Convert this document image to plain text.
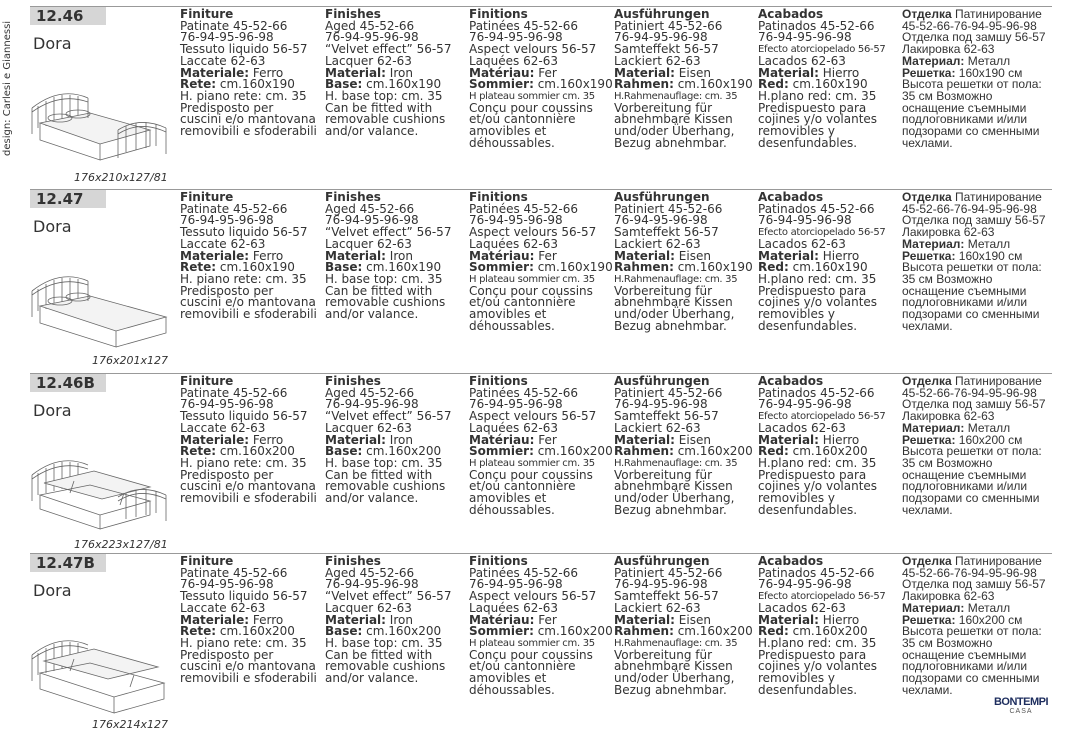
design: Carlesi e Giannessi
12.46
Dora
176x210x127/81
Finiture
Patinate 45-52-66
76-94-95-96-98
Tessuto liquido 56-57
Laccate 62-63
Materiale: Ferro
Rete: cm.160x190
H. piano rete: cm. 35
Predisposto per
cuscini e/o mantovana
removibili e sfoderabili
Finishes
Aged 45-52-66
76-94-95-96-98
“Velvet effect” 56-57
Lacquer 62-63
Material: Iron
Base: cm.160x190
H. base top: cm. 35
Can be fitted with
removable cushions
and/or valance.
Finitions
Patinées 45-52-66
76-94-95-96-98
Aspect velours 56-57
Laquées 62-63
Matériau: Fer
Sommier: cm.160x190
H plateau sommier cm. 35
Conçu pour coussins
et/ou cantonnière
amovibles et
déhoussables.
Ausführungen
Patiniert 45-52-66
76-94-95-96-98
Samteffekt 56-57
Lackiert 62-63
Material: Eisen
Rahmen: cm.160x190
H.Rahmenauflage: cm. 35
Vorbereitung für
abnehmbare Kissen
und/oder Überhang,
Bezug abnehmbar.
Acabados
Patinados 45-52-66
76-94-95-96-98
Efecto atorciopelado 56-57
Lacados 62-63
Material: Hierro
Red: cm.160x190
H.plano red: cm. 35
Predispuesto para
cojines y/o volantes
removibles y
desenfundables.
Отделка Патинирование
45-52-66-76-94-95-96-98
Отделка под замшу 56-57
Лакировка 62-63
Материал: Металл
Решетка: 160x190 см
Высота решетки от пола:
35 см Возможно
оснащение съемными
подлоговниками и/или
подзорами со сменными
чехлами.
12.47
Dora
176x201x127
Finiture
Patinate 45-52-66
76-94-95-96-98
Tessuto liquido 56-57
Laccate 62-63
Materiale: Ferro
Rete: cm.160x190
H. piano rete: cm. 35
Predisposto per
cuscini e/o mantovana
removibili e sfoderabili
Finishes
Aged 45-52-66
76-94-95-96-98
“Velvet effect” 56-57
Lacquer 62-63
Material: Iron
Base: cm.160x190
H. base top: cm. 35
Can be fitted with
removable cushions
and/or valance.
Finitions
Patinées 45-52-66
76-94-95-96-98
Aspect velours 56-57
Laquées 62-63
Matériau: Fer
Sommier: cm.160x190
H plateau sommier cm. 35
Conçu pour coussins
et/ou cantonnière
amovibles et
déhoussables.
Ausführungen
Patiniert 45-52-66
76-94-95-96-98
Samteffekt 56-57
Lackiert 62-63
Material: Eisen
Rahmen: cm.160x190
H.Rahmenauflage: cm. 35
Vorbereitung für
abnehmbare Kissen
und/oder Überhang,
Bezug abnehmbar.
Acabados
Patinados 45-52-66
76-94-95-96-98
Efecto atorciopelado 56-57
Lacados 62-63
Material: Hierro
Red: cm.160x190
H.plano red: cm. 35
Predispuesto para
cojines y/o volantes
removibles y
desenfundables.
Отделка Патинирование
45-52-66-76-94-95-96-98
Отделка под замшу 56-57
Лакировка 62-63
Материал: Металл
Решетка: 160x190 см
Высота решетки от пола:
35 см Возможно
оснащение съемными
подлоговниками и/или
подзорами со сменными
чехлами.
12.46B
Dora
176x223x127/81
Finiture
Patinate 45-52-66
76-94-95-96-98
Tessuto liquido 56-57
Laccate 62-63
Materiale: Ferro
Rete: cm.160x200
H. piano rete: cm. 35
Predisposto per
cuscini e/o mantovana
removibili e sfoderabili
Finishes
Aged 45-52-66
76-94-95-96-98
“Velvet effect” 56-57
Lacquer 62-63
Material: Iron
Base: cm.160x200
H. base top: cm. 35
Can be fitted with
removable cushions
and/or valance.
Finitions
Patinées 45-52-66
76-94-95-96-98
Aspect velours 56-57
Laquées 62-63
Matériau: Fer
Sommier: cm.160x200
H plateau sommier cm. 35
Conçu pour coussins
et/ou cantonnière
amovibles et
déhoussables.
Ausführungen
Patiniert 45-52-66
76-94-95-96-98
Samteffekt 56-57
Lackiert 62-63
Material: Eisen
Rahmen: cm.160x200
H.Rahmenauflage: cm. 35
Vorbereitung für
abnehmbare Kissen
und/oder Überhang,
Bezug abnehmbar.
Acabados
Patinados 45-52-66
76-94-95-96-98
Efecto atorciopelado 56-57
Lacados 62-63
Material: Hierro
Red: cm.160x200
H.plano red: cm. 35
Predispuesto para
cojines y/o volantes
removibles y
desenfundables.
Отделка Патинирование
45-52-66-76-94-95-96-98
Отделка под замшу 56-57
Лакировка 62-63
Материал: Металл
Решетка: 160x200 см
Высота решетки от пола:
35 см Возможно
оснащение съемными
подлоговниками и/или
подзорами со сменными
чехлами.
12.47B
Dora
176x214x127
Finiture
Patinate 45-52-66
76-94-95-96-98
Tessuto liquido 56-57
Laccate 62-63
Materiale: Ferro
Rete: cm.160x200
H. piano rete: cm. 35
Predisposto per
cuscini e/o mantovana
removibili e sfoderabili
Finishes
Aged 45-52-66
76-94-95-96-98
“Velvet effect” 56-57
Lacquer 62-63
Material: Iron
Base: cm.160x200
H. base top: cm. 35
Can be fitted with
removable cushions
and/or valance.
Finitions
Patinées 45-52-66
76-94-95-96-98
Aspect velours 56-57
Laquées 62-63
Matériau: Fer
Sommier: cm.160x200
H plateau sommier cm. 35
Conçu pour coussins
et/ou cantonnière
amovibles et
déhoussables.
Ausführungen
Patiniert 45-52-66
76-94-95-96-98
Samteffekt 56-57
Lackiert 62-63
Material: Eisen
Rahmen: cm.160x200
H.Rahmenauflage: cm. 35
Vorbereitung für
abnehmbare Kissen
und/oder Überhang,
Bezug abnehmbar.
Acabados
Patinados 45-52-66
76-94-95-96-98
Efecto atorciopelado 56-57
Lacados 62-63
Material: Hierro
Red: cm.160x200
H.plano red: cm. 35
Predispuesto para
cojines y/o volantes
removibles y
desenfundables.
Отделка Патинирование
45-52-66-76-94-95-96-98
Отделка под замшу 56-57
Лакировка 62-63
Материал: Металл
Решетка: 160x200 см
Высота решетки от пола:
35 см Возможно
оснащение съемными
подлоговниками и/или
подзорами со сменными
чехлами.
BONTEMPI
CASA
